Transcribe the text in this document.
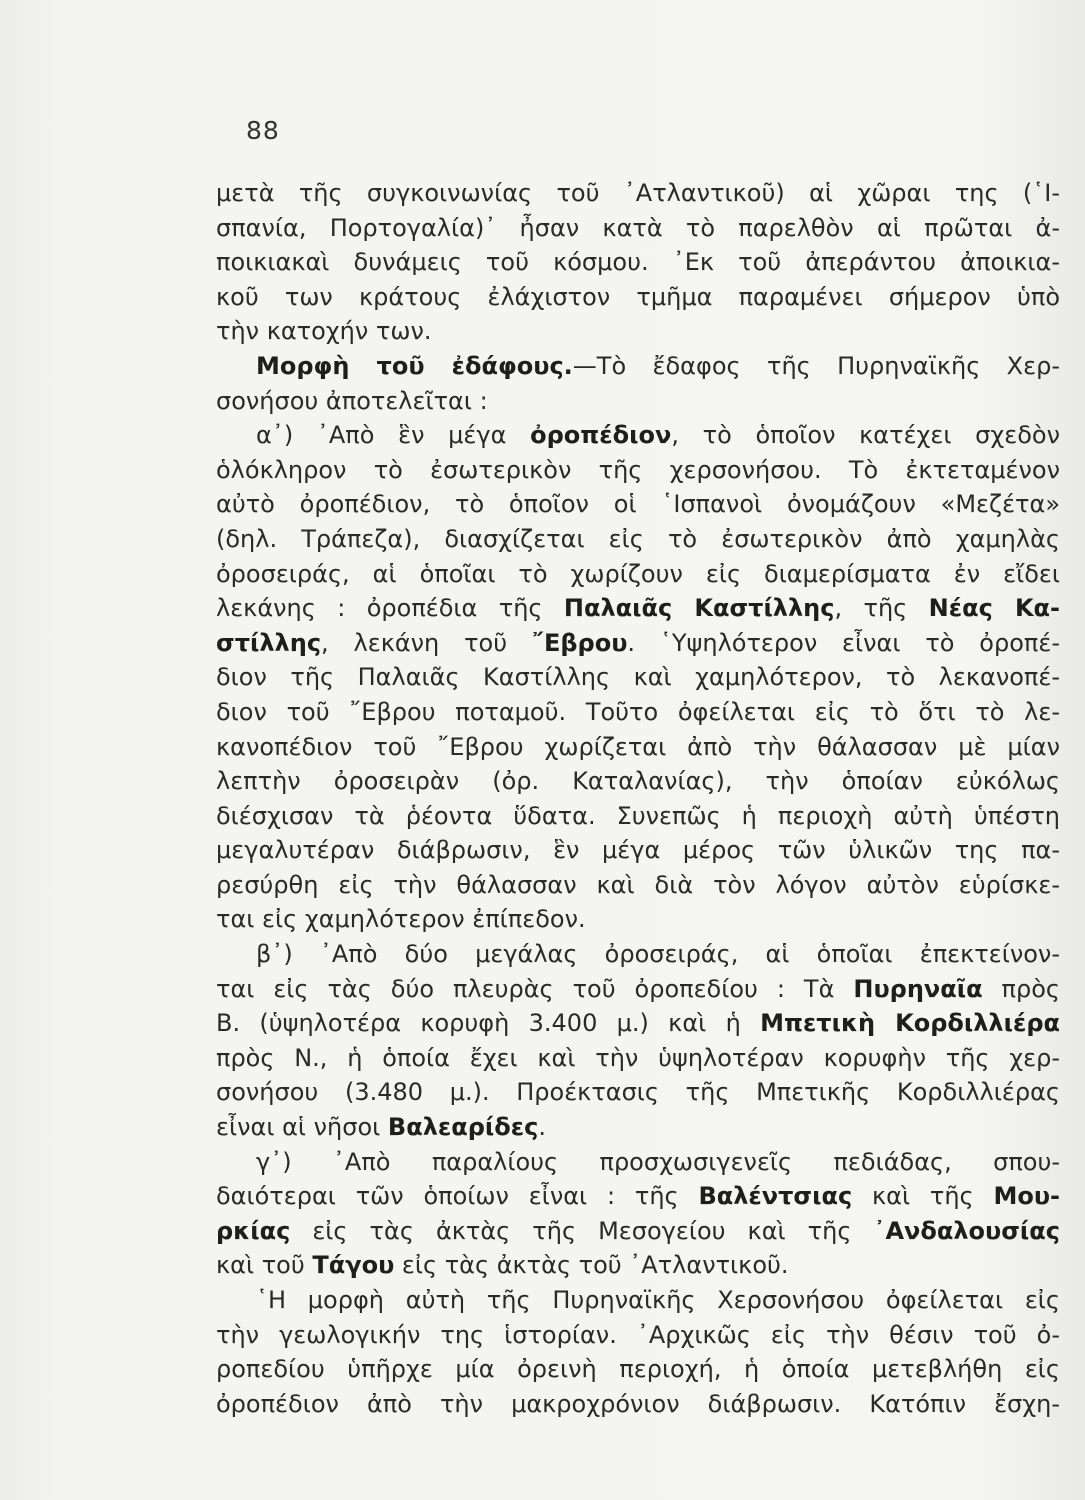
88
μετὰ τῆς συγκοινωνίας τοῦ ᾿Ατλαντικοῦ) αἱ χῶραι της (῾Ι-
σπανία, Πορτογαλία)᾿ ἦσαν κατὰ τὸ παρελθὸν αἱ πρῶται ἀ-
ποικιακαὶ δυνάμεις τοῦ κόσμου. ᾿Εκ τοῦ ἀπεράντου ἀποικια-
κοῦ των κράτους ἐλάχιστον τμῆμα παραμένει σήμερον ὑπὸ
τὴν κατοχήν των.
Μορφὴ τοῦ ἐδάφους.—Τὸ ἔδαφος τῆς Πυρηναϊκῆς Χερ-
σονήσου ἀποτελεῖται :
α᾿) ᾿Απὸ ἓν μέγα ὀροπέδιον, τὸ ὁποῖον κατέχει σχεδὸν
ὁλόκληρον τὸ ἐσωτερικὸν τῆς χερσονήσου. Τὸ ἐκτεταμένον
αὐτὸ ὀροπέδιον, τὸ ὁποῖον οἱ ῾Ισπανοὶ ὀνομάζουν «Μεζέτα»
(δηλ. Τράπεζα), διασχίζεται εἰς τὸ ἐσωτερικὸν ἀπὸ χαμηλὰς
ὀροσειράς, αἱ ὁποῖαι τὸ χωρίζουν εἰς διαμερίσματα ἐν εἴδει
λεκάνης : ὀροπέδια τῆς Παλαιᾶς Καστίλλης, τῆς Νέας Κα-
στίλλης, λεκάνη τοῦ ῎Εβρου. ῾Υψηλότερον εἶναι τὸ ὀροπέ-
διον τῆς Παλαιᾶς Καστίλλης καὶ χαμηλότερον, τὸ λεκανοπέ-
διον τοῦ ῎Εβρου ποταμοῦ. Τοῦτο ὀφείλεται εἰς τὸ ὅτι τὸ λε-
κανοπέδιον τοῦ ῎Εβρου χωρίζεται ἀπὸ τὴν θάλασσαν μὲ μίαν
λεπτὴν ὀροσειρὰν (ὀρ. Καταλανίας), τὴν ὁποίαν εὐκόλως
διέσχισαν τὰ ῥέοντα ὕδατα. Συνεπῶς ἡ περιοχὴ αὐτὴ ὑπέστη
μεγαλυτέραν διάβρωσιν, ἓν μέγα μέρος τῶν ὑλικῶν της πα-
ρεσύρθη εἰς τὴν θάλασσαν καὶ διὰ τὸν λόγον αὐτὸν εὑρίσκε-
ται εἰς χαμηλότερον ἐπίπεδον.
β᾿) ᾿Απὸ δύο μεγάλας ὀροσειράς, αἱ ὁποῖαι ἐπεκτείνον-
ται εἰς τὰς δύο πλευρὰς τοῦ ὀροπεδίου : Τὰ Πυρηναῖα πρὸς
Β. (ὑψηλοτέρα κορυφὴ 3.400 μ.) καὶ ἡ Μπετικὴ Κορδιλλιέρα
πρὸς Ν., ἡ ὁποία ἔχει καὶ τὴν ὑψηλοτέραν κορυφὴν τῆς χερ-
σονήσου (3.480 μ.). Προέκτασις τῆς Μπετικῆς Κορδιλλιέρας
εἶναι αἱ νῆσοι Βαλεαρίδες.
γ᾿) ᾿Απὸ παραλίους προσχωσιγενεῖς πεδιάδας, σπου-
δαιότεραι τῶν ὁποίων εἶναι : τῆς Βαλέντσιας καὶ τῆς Μου-
ρκίας εἰς τὰς ἀκτὰς τῆς Μεσογείου καὶ τῆς ᾿Ανδαλουσίας
καὶ τοῦ Τάγου εἰς τὰς ἀκτὰς τοῦ ᾿Ατλαντικοῦ.
῾Η μορφὴ αὐτὴ τῆς Πυρηναϊκῆς Χερσονήσου ὀφείλεται εἰς
τὴν γεωλογικήν της ἱστορίαν. ᾿Αρχικῶς εἰς τὴν θέσιν τοῦ ὀ-
ροπεδίου ὑπῆρχε μία ὀρεινὴ περιοχή, ἡ ὁποία μετεβλήθη εἰς
ὀροπέδιον ἀπὸ τὴν μακροχρόνιον διάβρωσιν. Κατόπιν ἔσχη-
